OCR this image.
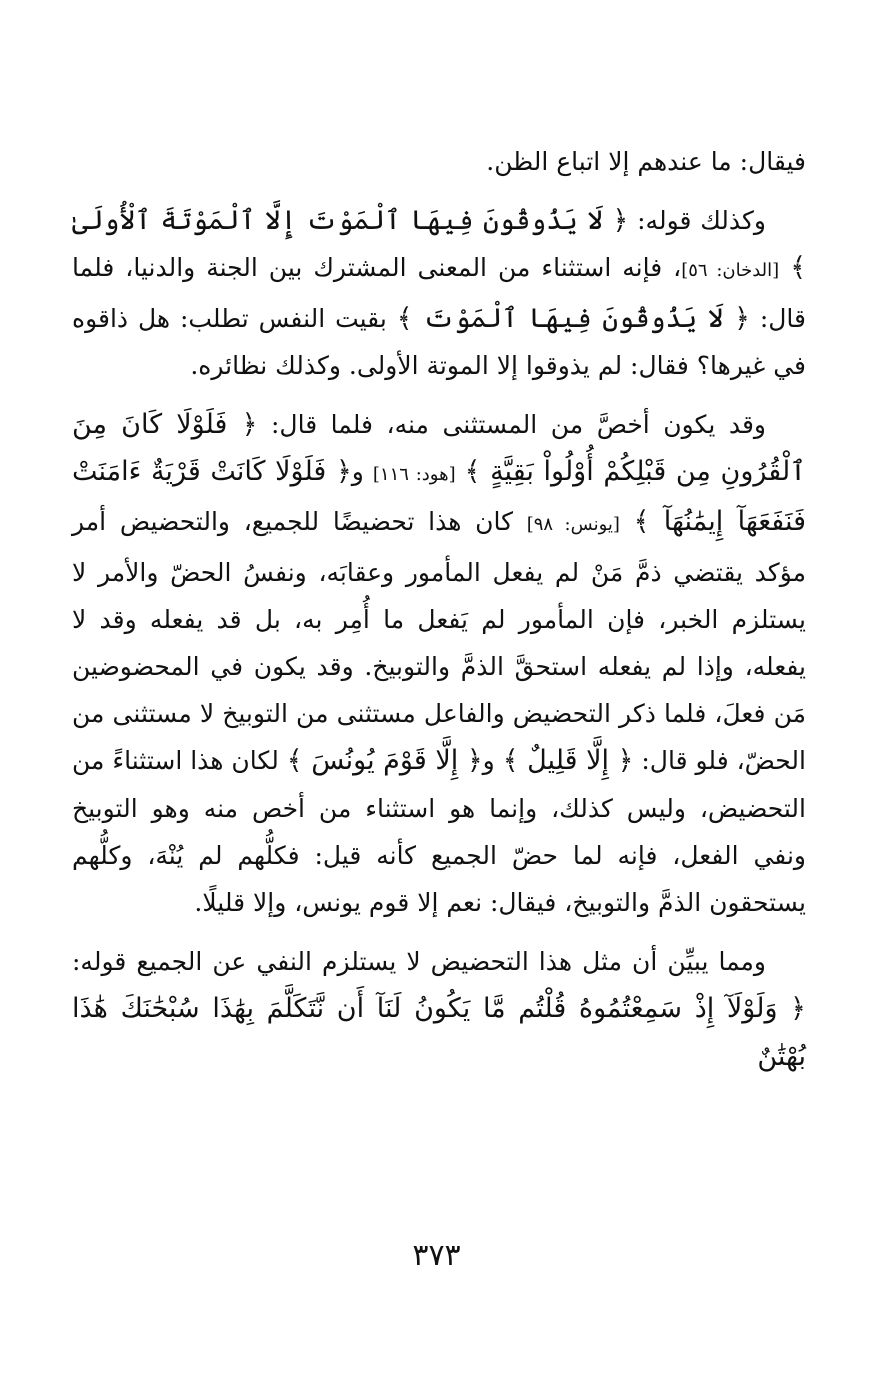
فيقال: ما عندهم إلا اتباع الظن.

وكذلك قوله: ﴿ لَا يَذُوقُونَ فِيهَا ٱلْمَوْتَ إِلَّا ٱلْمَوْتَةَ ٱلْأُولَىٰ ﴾ [الدخان: ٥٦]، فإنه استثناء من المعنى المشترك بين الجنة والدنيا، فلما قال: ﴿ لَا يَذُوقُونَ فِيهَا ٱلْمَوْتَ ﴾ بقيت النفس تطلب: هل ذاقوه في غيرها؟ فقال: لم يذوقوا إلا الموتة الأولى. وكذلك نظائره.

وقد يكون أخصَّ من المستثنى منه، فلما قال: ﴿ فَلَوْلَا كَانَ مِنَ ٱلْقُرُونِ مِن قَبْلِكُمْ أُوْلُواْ بَقِيَّةٍ ﴾ [هود: ١١٦] و﴿ فَلَوْلَا كَانَتْ قَرْيَةٌ ءَامَنَتْ فَنَفَعَهَآ إِيمَٰنُهَآ ﴾ [يونس: ٩٨] كان هذا تحضيضًا للجميع، والتحضيض أمر مؤكد يقتضي ذمَّ مَنْ لم يفعل المأمور وعقابَه، ونفسُ الحضّ والأمر لا يستلزم الخبر، فإن المأمور لم يَفعل ما أُمِر به، بل قد يفعله وقد لا يفعله، وإذا لم يفعله استحقَّ الذمَّ والتوبيخ. وقد يكون في المحضوضين مَن فعلَ، فلما ذكر التحضيض والفاعل مستثنى من التوبيخ لا مستثنى من الحضّ، فلو قال: ﴿ إِلَّا قَلِيلٌ ﴾ و﴿ إِلَّا قَوْمَ يُونُسَ ﴾ لكان هذا استثناءً من التحضيض، وليس كذلك، وإنما هو استثناء من أخص منه وهو التوبيخ ونفي الفعل، فإنه لما حضّ الجميع كأنه قيل: فكلُّهم لم يُنْهَ، وكلُّهم يستحقون الذمَّ والتوبيخ، فيقال: نعم إلا قوم يونس، وإلا قليلًا.

ومما يبيِّن أن مثل هذا التحضيض لا يستلزم النفي عن الجميع قوله: ﴿ وَلَوْلَآ إِذْ سَمِعْتُمُوهُ قُلْتُم مَّا يَكُونُ لَنَآ أَن نَّتَكَلَّمَ بِهَٰذَا سُبْحَٰنَكَ هَٰذَا بُهْتَٰنٌ

٣٧٣
